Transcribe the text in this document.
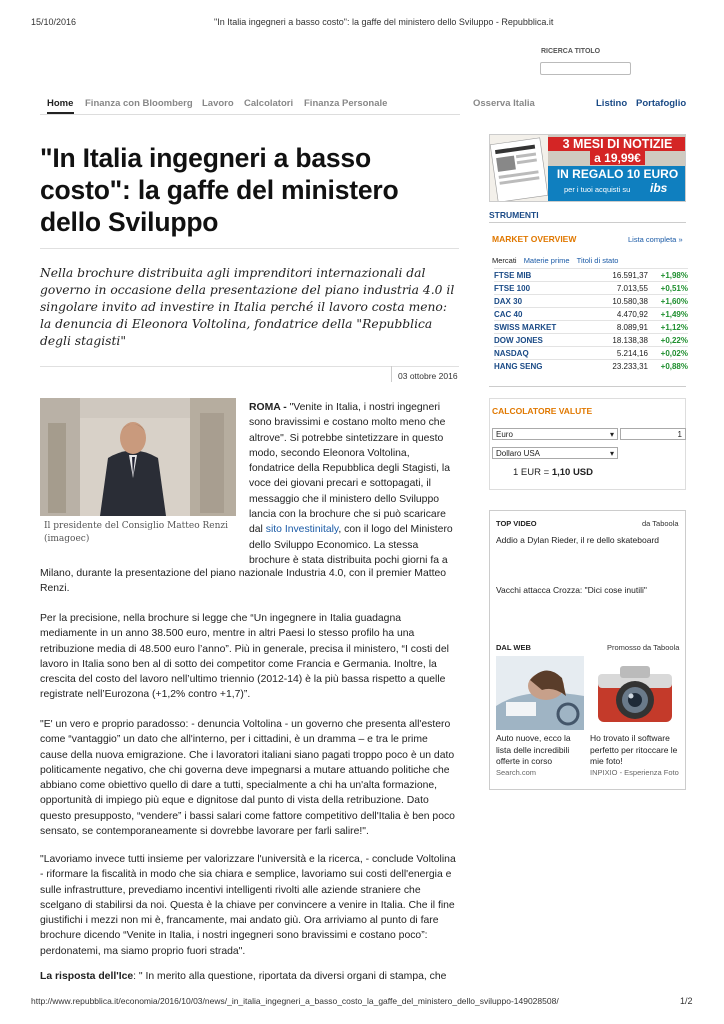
15/10/2016	"In Italia ingegneri a basso costo": la gaffe del ministero dello Sviluppo - Repubblica.it
RICERCA TITOLO
Home Finanza con Bloomberg Lavoro Calcolatori Finanza Personale	Osserva Italia	Listino Portafoglio
"In Italia ingegneri a basso costo": la gaffe del ministero dello Sviluppo

Nella brochure distribuita agli imprenditori internazionali dal governo in occasione della presentazione del piano industria 4.0 il singolare invito ad investire in Italia perché il lavoro costa meno: la denuncia di Eleonora Voltolina, fondatrice della "Repubblica degli stagisti"

03 ottobre 2016

Il presidente del Consiglio Matteo Renzi (imagoec)

ROMA - "Venite in Italia, i nostri ingegneri sono bravissimi e costano molto meno che altrove". Si potrebbe sintetizzare in questo modo, secondo Eleonora Voltolina, fondatrice della Repubblica degli Stagisti, la voce dei giovani precari e sottopagati, il messaggio che il ministero dello Sviluppo lancia con la brochure che si può scaricare dal sito Investinitaly, con il logo del Ministero dello Sviluppo Economico. La stessa brochure è stata distribuita pochi giorni fa a

Milano, durante la presentazione del piano nazionale Industria 4.0, con il premier Matteo Renzi.

Per la precisione, nella brochure si legge che “Un ingegnere in Italia guadagna mediamente in un anno 38.500 euro, mentre in altri Paesi lo stesso profilo ha una retribuzione media di 48.500 euro l’anno”. Più in generale, precisa il ministero, “I costi del lavoro in Italia sono ben al di sotto dei competitor come Francia e Germania. Inoltre, la crescita del costo del lavoro nell’ultimo triennio (2012-14) è la più bassa rispetto a quelle registrate nell’Eurozona (+1,2% contro +1,7)”.

"E' un vero e proprio paradosso: - denuncia Voltolina - un governo che presenta all'estero come “vantaggio” un dato che all'interno, per i cittadini, è un dramma – e tra le prime cause della nuova emigrazione. Che i lavoratori italiani siano pagati troppo poco è un dato politicamente negativo, che chi governa deve impegnarsi a mutare attuando politiche che abbiano come obiettivo quello di dare a tutti, specialmente a chi ha un'alta formazione, opportunità di impiego più eque e dignitose dal punto di vista della retribuzione. Dato questo presupposto, “vendere” i bassi salari come fattore competitivo dell'Italia è ben poco sensato, se contemporaneamente si dovrebbe lavorare per farli salire!".

"Lavoriamo invece tutti insieme per valorizzare l'università e la ricerca, - conclude Voltolina - riformare la fiscalità in modo che sia chiara e semplice, lavoriamo sui costi dell'energia e sulle infrastrutture, prevediamo incentivi intelligenti rivolti alle aziende straniere che scelgano di stabilirsi da noi. Questa è la chiave per convincere a venire in Italia. Che il fine giustifichi i mezzi non mi è, francamente, mai andato giù. Ora arriviamo al punto di fare brochure dicendo “Venite in Italia, i nostri ingegneri sono bravissimi e costano poco”: perdonatemi, ma siamo proprio fuori strada".

La risposta dell'Ice: " In merito alla questione, riportata da diversi organi di stampa, che

3 MESI DI NOTIZIE
a 19,99€
IN REGALO 10 EURO
per i tuoi acquisti su ibs
STRUMENTI
MARKET OVERVIEW	Lista completa »
Mercati Materie prime Titoli di stato
FTSE MIB	16.591,37	+1,98%
FTSE 100	7.013,55	+0,51%
DAX 30	10.580,38	+1,60%
CAC 40	4.470,92	+1,49%
SWISS MARKET	8.089,91	+1,12%
DOW JONES	18.138,38	+0,22%
NASDAQ	5.214,16	+0,02%
HANG SENG	23.233,31	+0,88%
CALCOLATORE VALUTE
Euro	▾	1
Dollaro USA	▾
1 EUR = 1,10 USD
TOP VIDEO	da Taboola
Addio a Dylan Rieder, il re dello skateboard
Vacchi attacca Crozza: "Dici cose inutili"
DAL WEB	Promosso da Taboola
Auto nuove, ecco la lista delle incredibili offerte in corso
Search.com
Ho trovato il software perfetto per ritoccare le mie foto!
INPIXIO - Esperienza Foto
http://www.repubblica.it/economia/2016/10/03/news/_in_italia_ingegneri_a_basso_costo_la_gaffe_del_ministero_dello_sviluppo-149028508/	1/2
